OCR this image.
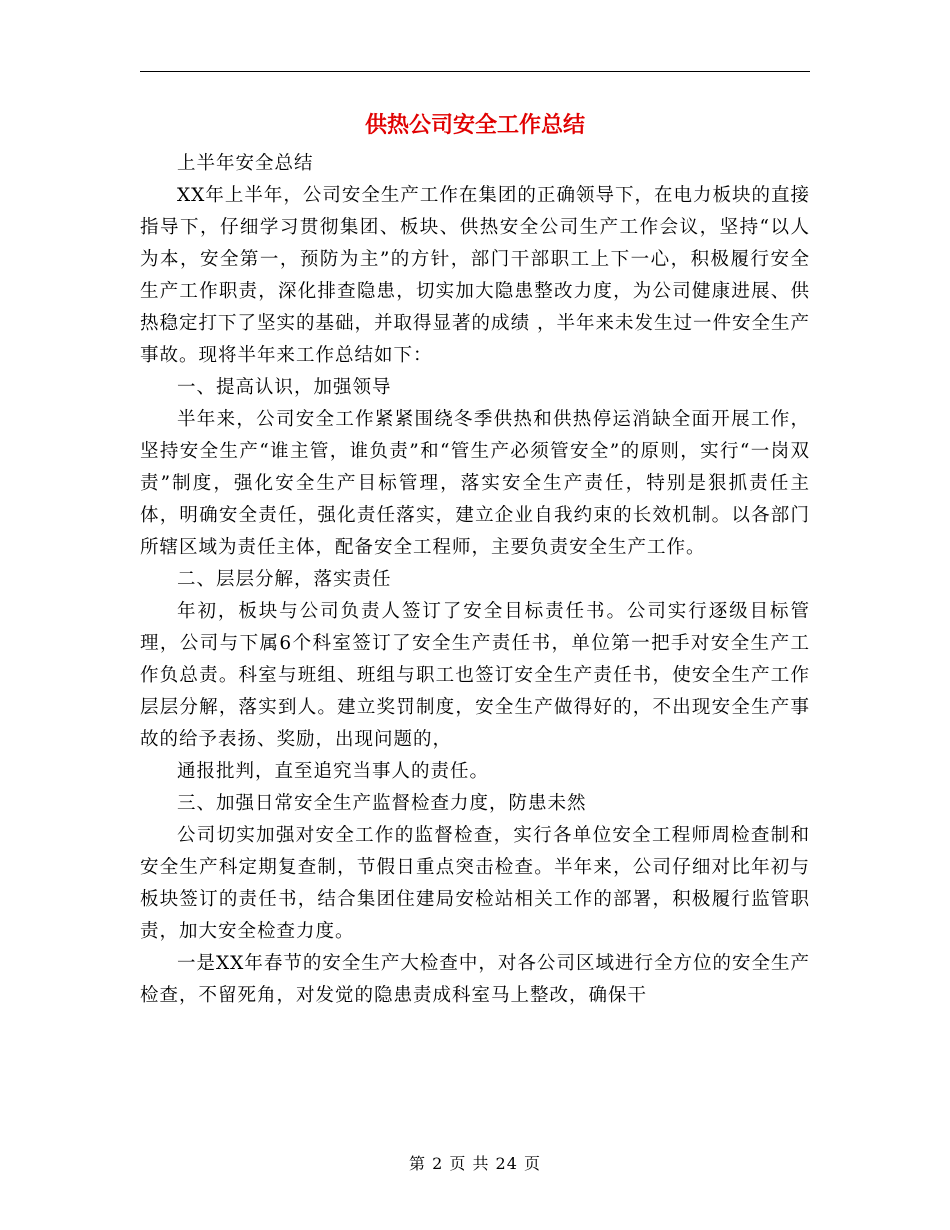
供热公司安全工作总结

上半年安全总结

XX年上半年，公司安全生产工作在集团的正确领导下，在电力板块的直接指导下，仔细学习贯彻集团、板块、供热安全公司生产工作会议，坚持“以人为本，安全第一，预防为主”的方针，部门干部职工上下一心，积极履行安全生产工作职责，深化排查隐患，切实加大隐患整改力度，为公司健康进展、供热稳定打下了坚实的基础，并取得显著的成绩 ，半年来未发生过一件安全生产事故。现将半年来工作总结如下：

一、提高认识，加强领导

半年来，公司安全工作紧紧围绕冬季供热和供热停运消缺全面开展工作，坚持安全生产“谁主管，谁负责”和“管生产必须管安全”的原则，实行“一岗双责”制度，强化安全生产目标管理，落实安全生产责任，特别是狠抓责任主体，明确安全责任，强化责任落实，建立企业自我约束的长效机制。以各部门所辖区域为责任主体，配备安全工程师，主要负责安全生产工作。

二、层层分解，落实责任

年初，板块与公司负责人签订了安全目标责任书。公司实行逐级目标管理，公司与下属6个科室签订了安全生产责任书，单位第一把手对安全生产工作负总责。科室与班组、班组与职工也签订安全生产责任书，使安全生产工作层层分解，落实到人。建立奖罚制度，安全生产做得好的，不出现安全生产事故的给予表扬、奖励，出现问题的，

通报批判，直至追究当事人的责任。

三、加强日常安全生产监督检查力度，防患未然

公司切实加强对安全工作的监督检查，实行各单位安全工程师周检查制和安全生产科定期复查制，节假日重点突击检查。半年来，公司仔细对比年初与板块签订的责任书，结合集团住建局安检站相关工作的部署，积极履行监管职责，加大安全检查力度。

一是XX年春节的安全生产大检查中，对各公司区域进行全方位的安全生产检查，不留死角，对发觉的隐患责成科室马上整改，确保干

第 2 页 共 24 页
